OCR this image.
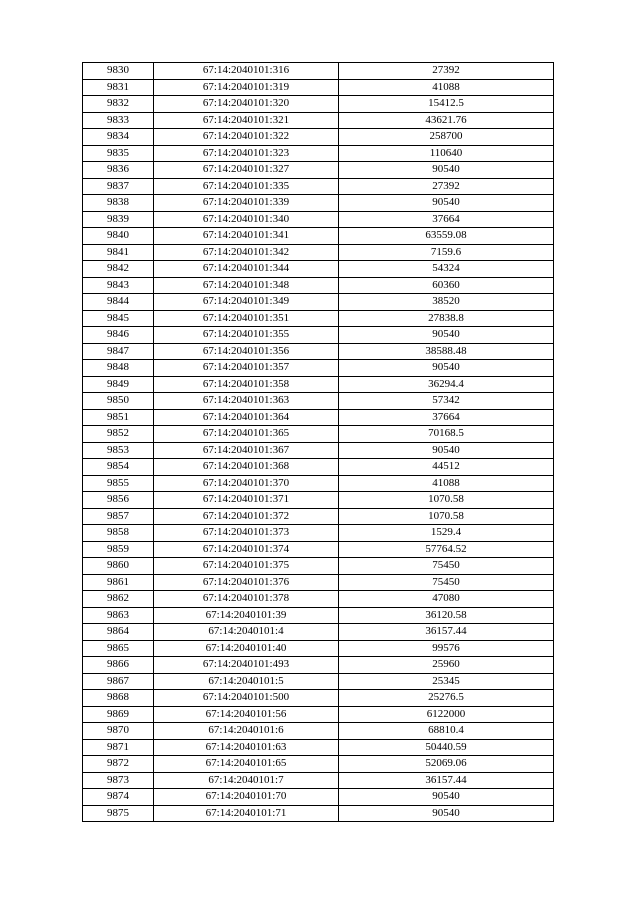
9830	67:14:2040101:316	27392
9831	67:14:2040101:319	41088
9832	67:14:2040101:320	15412.5
9833	67:14:2040101:321	43621.76
9834	67:14:2040101:322	258700
9835	67:14:2040101:323	110640
9836	67:14:2040101:327	90540
9837	67:14:2040101:335	27392
9838	67:14:2040101:339	90540
9839	67:14:2040101:340	37664
9840	67:14:2040101:341	63559.08
9841	67:14:2040101:342	7159.6
9842	67:14:2040101:344	54324
9843	67:14:2040101:348	60360
9844	67:14:2040101:349	38520
9845	67:14:2040101:351	27838.8
9846	67:14:2040101:355	90540
9847	67:14:2040101:356	38588.48
9848	67:14:2040101:357	90540
9849	67:14:2040101:358	36294.4
9850	67:14:2040101:363	57342
9851	67:14:2040101:364	37664
9852	67:14:2040101:365	70168.5
9853	67:14:2040101:367	90540
9854	67:14:2040101:368	44512
9855	67:14:2040101:370	41088
9856	67:14:2040101:371	1070.58
9857	67:14:2040101:372	1070.58
9858	67:14:2040101:373	1529.4
9859	67:14:2040101:374	57764.52
9860	67:14:2040101:375	75450
9861	67:14:2040101:376	75450
9862	67:14:2040101:378	47080
9863	67:14:2040101:39	36120.58
9864	67:14:2040101:4	36157.44
9865	67:14:2040101:40	99576
9866	67:14:2040101:493	25960
9867	67:14:2040101:5	25345
9868	67:14:2040101:500	25276.5
9869	67:14:2040101:56	6122000
9870	67:14:2040101:6	68810.4
9871	67:14:2040101:63	50440.59
9872	67:14:2040101:65	52069.06
9873	67:14:2040101:7	36157.44
9874	67:14:2040101:70	90540
9875	67:14:2040101:71	90540
